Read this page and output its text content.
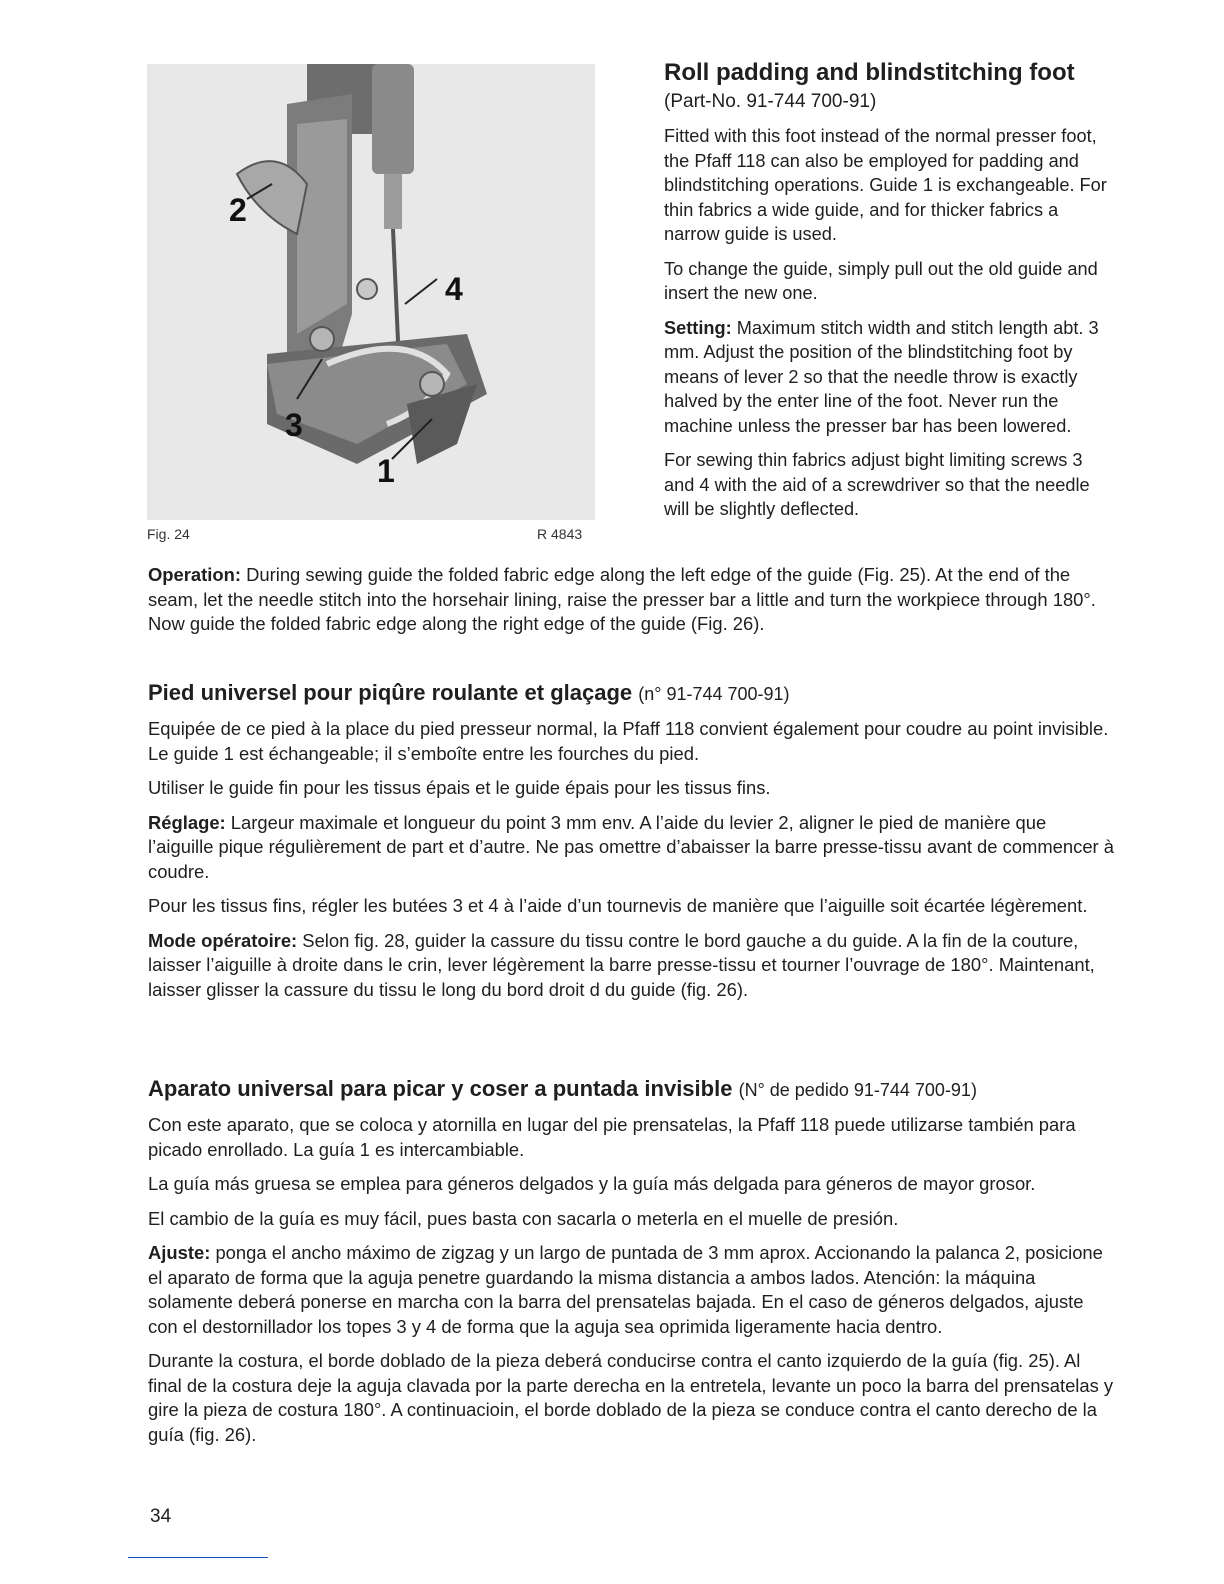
2
4
3
1
Fig. 24	R 4843
Roll padding and blindstitching foot
(Part-No. 91-744 700-91)

Fitted with this foot instead of the normal presser foot, the Pfaff 118 can also be employed for padding and blindstitching operations. Guide 1 is exchangeable. For thin fabrics a wide guide, and for thicker fabrics a narrow guide is used.

To change the guide, simply pull out the old guide and insert the new one.

Setting: Maximum stitch width and stitch length abt. 3 mm. Adjust the position of the blindstitching foot by means of lever 2 so that the needle throw is exactly halved by the enter line of the foot. Never run the machine unless the presser bar has been lowered.

For sewing thin fabrics adjust bight limiting screws 3 and 4 with the aid of a screwdriver so that the needle will be slightly deflected.

Operation: During sewing guide the folded fabric edge along the left edge of the guide (Fig. 25). At the end of the seam, let the needle stitch into the horsehair lining, raise the presser bar a little and turn the workpiece through 180°. Now guide the folded fabric edge along the right edge of the guide (Fig. 26).

Pied universel pour piqûre roulante et glaçage (n° 91-744 700-91)

Equipée de ce pied à la place du pied presseur normal, la Pfaff 118 convient également pour coudre au point invisible. Le guide 1 est échangeable; il s’emboîte entre les fourches du pied.

Utiliser le guide fin pour les tissus épais et le guide épais pour les tissus fins.

Réglage: Largeur maximale et longueur du point 3 mm env. A l’aide du levier 2, aligner le pied de manière que l’aiguille pique régulièrement de part et d’autre. Ne pas omettre d’abaisser la barre presse-tissu avant de commencer à coudre.

Pour les tissus fins, régler les butées 3 et 4 à l’aide d’un tournevis de manière que l’aiguille soit écartée légèrement.

Mode opératoire: Selon fig. 28, guider la cassure du tissu contre le bord gauche a du guide. A la fin de la couture, laisser l’aiguille à droite dans le crin, lever légèrement la barre presse-tissu et tourner l’ouvrage de 180°. Maintenant, laisser glisser la cassure du tissu le long du bord droit d du guide (fig. 26).

Aparato universal para picar y coser a puntada invisible (N° de pedido 91-744 700-91)

Con este aparato, que se coloca y atornilla en lugar del pie prensatelas, la Pfaff 118 puede utilizarse también para picado enrollado. La guía 1 es intercambiable.

La guía más gruesa se emplea para géneros delgados y la guía más delgada para géneros de mayor grosor.

El cambio de la guía es muy fácil, pues basta con sacarla o meterla en el muelle de presión.

Ajuste: ponga el ancho máximo de zigzag y un largo de puntada de 3 mm aprox. Accionando la palanca 2, posicione el aparato de forma que la aguja penetre guardando la misma distancia a ambos lados. Atención: la máquina solamente deberá ponerse en marcha con la barra del prensatelas bajada. En el caso de géneros delgados, ajuste con el destornillador los topes 3 y 4 de forma que la aguja sea oprimida ligeramente hacia dentro.

Durante la costura, el borde doblado de la pieza deberá conducirse contra el canto izquierdo de la guía (fig. 25). Al final de la costura deje la aguja clavada por la parte derecha en la entretela, levante un poco la barra del prensatelas y gire la pieza de costura 180°. A continuacioin, el borde doblado de la pieza se conduce contra el canto derecho de la guía (fig. 26).

34
